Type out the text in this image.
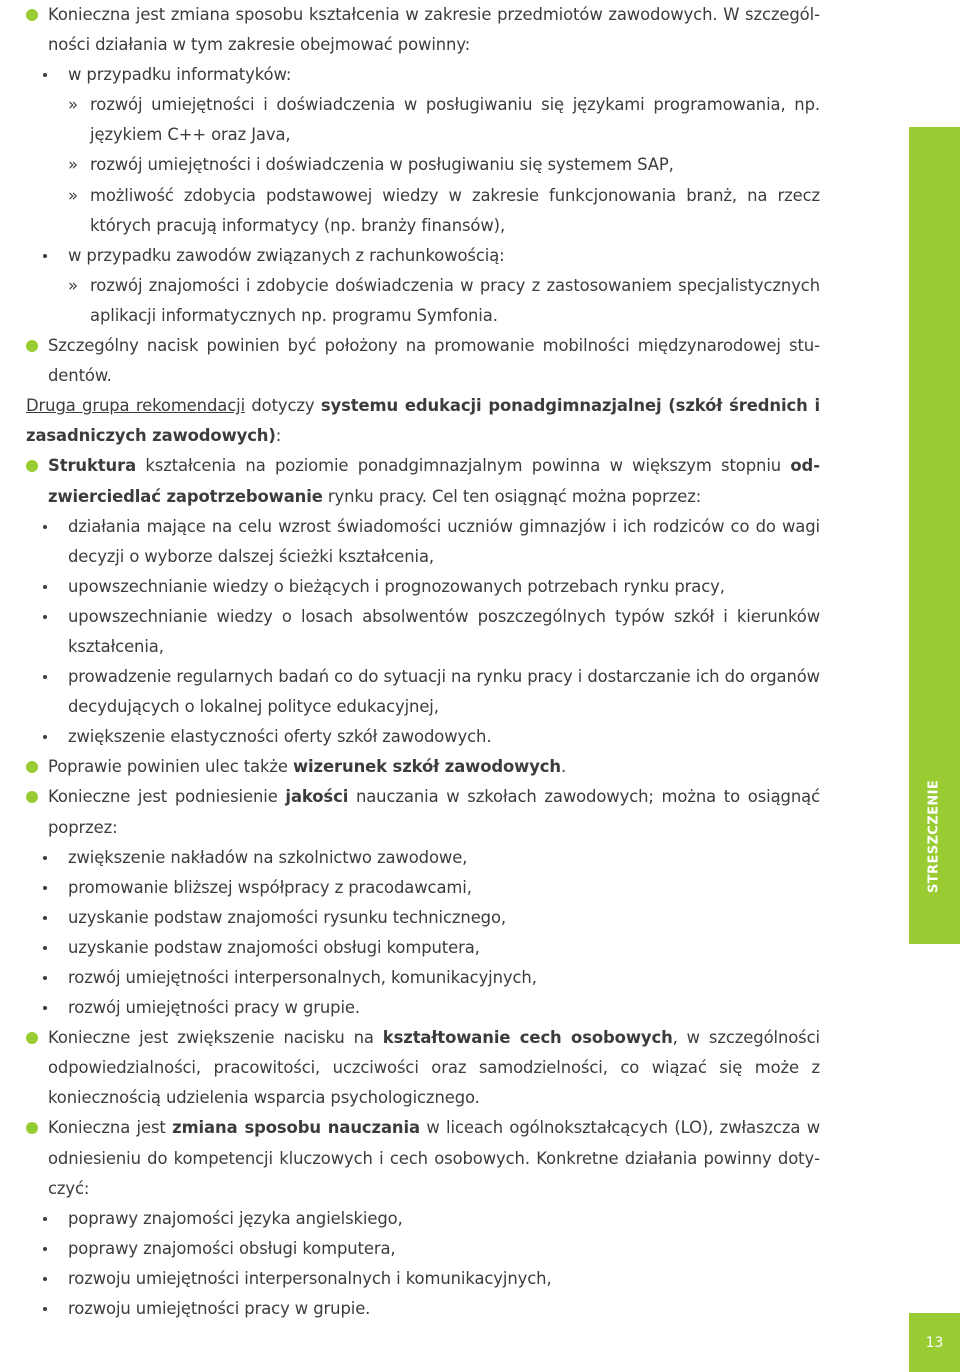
Konieczna jest zmiana sposobu kształcenia w zakresie przedmiotów zawodowych. W szczególności działania w tym zakresie obejmować powinny:

w przypadku informatyków:

» rozwój umiejętności i doświadczenia w posługiwaniu się językami programowania, np. językiem C++ oraz Java,

» rozwój umiejętności i doświadczenia w posługiwaniu się systemem SAP,

» możliwość zdobycia podstawowej wiedzy w zakresie funkcjonowania branż, na rzecz których pracują informatycy (np. branży finansów),

w przypadku zawodów związanych z rachunkowością:

» rozwój znajomości i zdobycie doświadczenia w pracy z zastosowaniem specjalistycznych aplikacji informatycznych np. programu Symfonia.

Szczególny nacisk powinien być położony na promowanie mobilności międzynarodowej studentów.

Druga grupa rekomendacji dotyczy systemu edukacji ponadgimnazjalnej (szkół średnich i zasadniczych zawodowych):

Struktura kształcenia na poziomie ponadgimnazjalnym powinna w większym stopniu odzwierciedlać zapotrzebowanie rynku pracy. Cel ten osiągnąć można poprzez:

działania mające na celu wzrost świadomości uczniów gimnazjów i ich rodziców co do wagi decyzji o wyborze dalszej ścieżki kształcenia,

upowszechnianie wiedzy o bieżących i prognozowanych potrzebach rynku pracy,

upowszechnianie wiedzy o losach absolwentów poszczególnych typów szkół i kierunków kształcenia,

prowadzenie regularnych badań co do sytuacji na rynku pracy i dostarczanie ich do organów decydujących o lokalnej polityce edukacyjnej,

zwiększenie elastyczności oferty szkół zawodowych.

Poprawie powinien ulec także wizerunek szkół zawodowych.

Konieczne jest podniesienie jakości nauczania w szkołach zawodowych; można to osiągnąć poprzez:

zwiększenie nakładów na szkolnictwo zawodowe,

promowanie bliższej współpracy z pracodawcami,

uzyskanie podstaw znajomości rysunku technicznego,

uzyskanie podstaw znajomości obsługi komputera,

rozwój umiejętności interpersonalnych, komunikacyjnych,

rozwój umiejętności pracy w grupie.

Konieczne jest zwiększenie nacisku na kształtowanie cech osobowych, w szczególności odpowiedzialności, pracowitości, uczciwości oraz samodzielności, co wiązać się może z koniecznością udzielenia wsparcia psychologicznego.

Konieczna jest zmiana sposobu nauczania w liceach ogólnokształcących (LO), zwłaszcza w odniesieniu do kompetencji kluczowych i cech osobowych. Konkretne działania powinny dotyczyć:

poprawy znajomości języka angielskiego,

poprawy znajomości obsługi komputera,

rozwoju umiejętności interpersonalnych i komunikacyjnych,

rozwoju umiejętności pracy w grupie.

STRESZCZENIE
13
